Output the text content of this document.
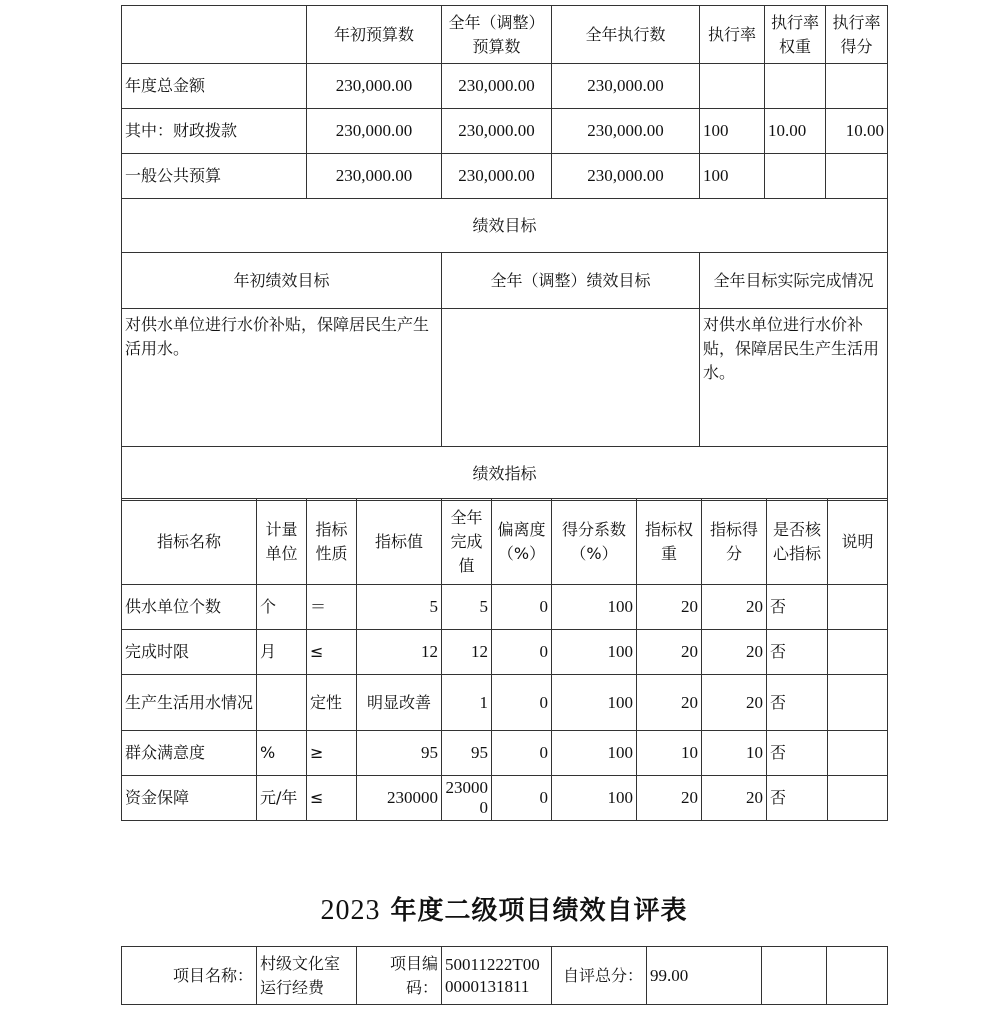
	年初预算数	全年（调整）预算数	全年执行数	执行率	执行率权重	执行率得分
年度总金额	230,000.00	230,000.00	230,000.00			
其中：财政拨款	230,000.00	230,000.00	230,000.00	100	10.00	10.00
一般公共预算	230,000.00	230,000.00	230,000.00	100		
绩效目标						
年初绩效目标		全年（调整）绩效目标		全年目标实际完成情况		
对供水单位进行水价补贴，保障居民生产生活用水。				对供水单位进行水价补贴，保障居民生产生活用水。		
绩效指标						
指标名称	计量单位	指标性质	指标值	全年完成值	偏离度（%）	得分系数（%）	指标权重	指标得分	是否核心指标	说明
供水单位个数	个	＝	5	5	0	100	20	20	否	
完成时限	月	≤	12	12	0	100	20	20	否	
生产生活用水情况		定性	明显改善	1	0	100	20	20	否	
群众满意度	%	≥	95	95	0	100	10	10	否	
资金保障	元/年	≤	230000	230000	0	100	20	20	否	
2023 年度二级项目绩效自评表
项目名称：	村级文化室运行经费	项目编码：	50011222T000000131811	自评总分：	99.00		
